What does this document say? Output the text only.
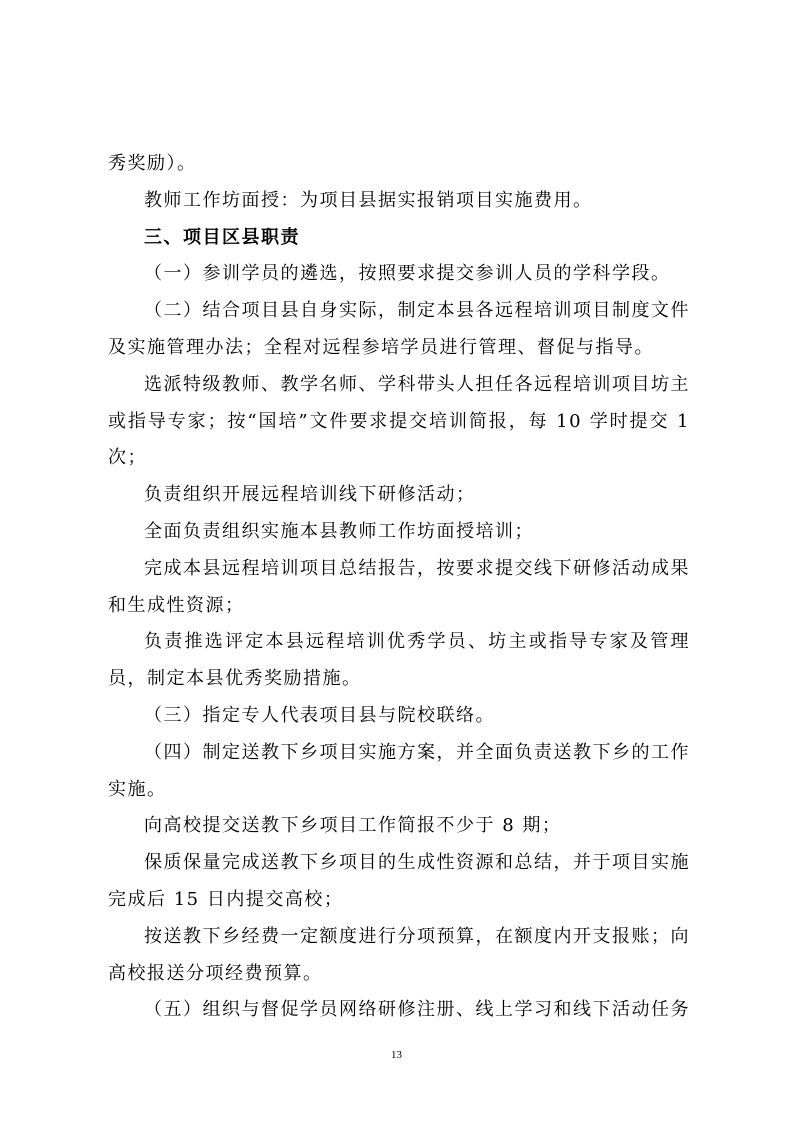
秀奖励）。

教师工作坊面授：为项目县据实报销项目实施费用。

三、项目区县职责

（一）参训学员的遴选，按照要求提交参训人员的学科学段。

（二）结合项目县自身实际，制定本县各远程培训项目制度文件及实施管理办法；全程对远程参培学员进行管理、督促与指导。

选派特级教师、教学名师、学科带头人担任各远程培训项目坊主或指导专家；按“国培”文件要求提交培训简报，每 10 学时提交 1 次；

负责组织开展远程培训线下研修活动；

全面负责组织实施本县教师工作坊面授培训；

完成本县远程培训项目总结报告，按要求提交线下研修活动成果和生成性资源；

负责推选评定本县远程培训优秀学员、坊主或指导专家及管理员，制定本县优秀奖励措施。

（三）指定专人代表项目县与院校联络。

（四）制定送教下乡项目实施方案，并全面负责送教下乡的工作实施。

向高校提交送教下乡项目工作简报不少于 8 期；

保质保量完成送教下乡项目的生成性资源和总结，并于项目实施完成后 15 日内提交高校；

按送教下乡经费一定额度进行分项预算，在额度内开支报账；向高校报送分项经费预算。

（五）组织与督促学员网络研修注册、线上学习和线下活动任务

13
